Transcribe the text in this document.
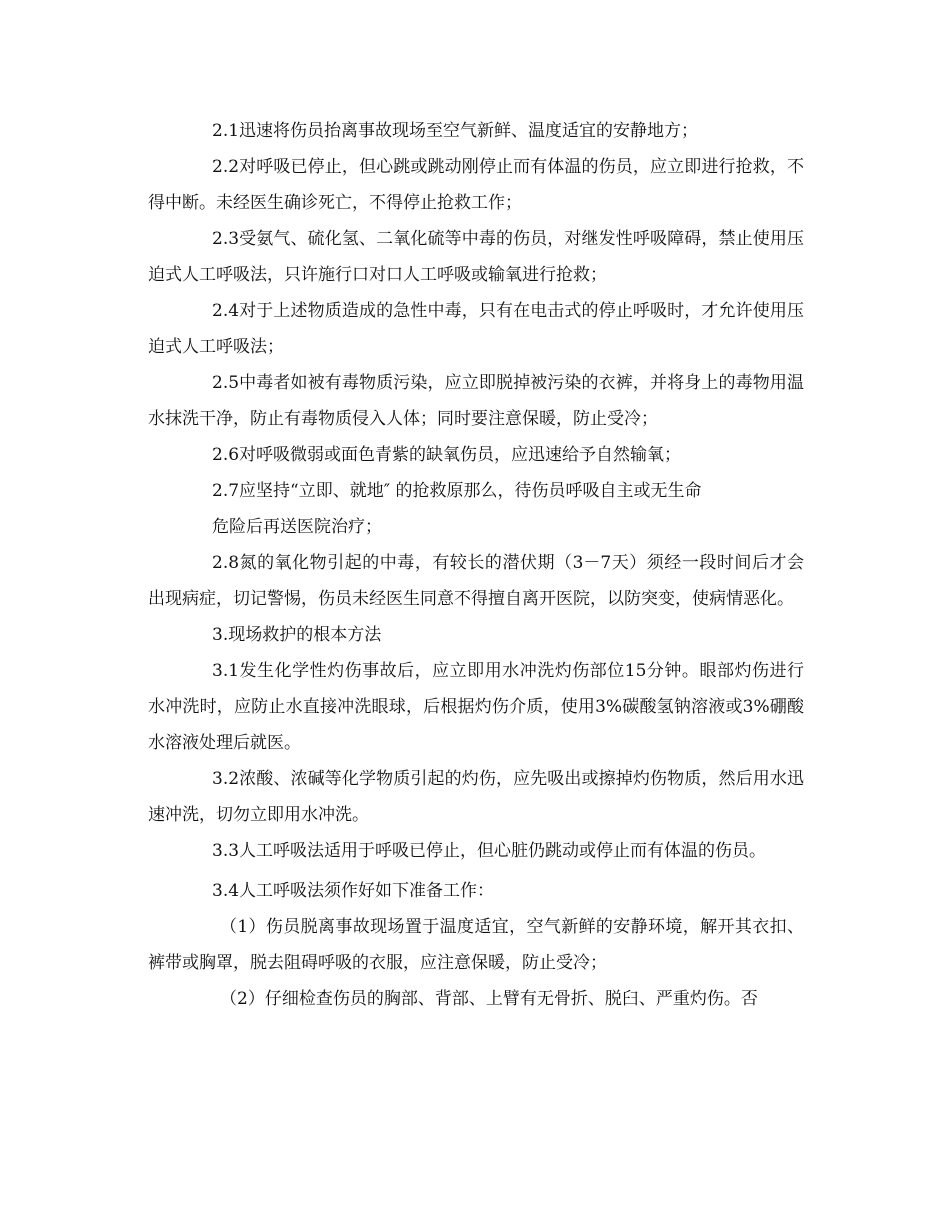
2.1迅速将伤员抬离事故现场至空气新鲜、温度适宜的安静地方；

2.2对呼吸已停止，但心跳或跳动刚停止而有体温的伤员，应立即进行抢救，不得中断。未经医生确诊死亡，不得停止抢救工作；

2.3受氨气、硫化氢、二氧化硫等中毒的伤员，对继发性呼吸障碍，禁止使用压迫式人工呼吸法，只许施行口对口人工呼吸或输氧进行抢救；

2.4对于上述物质造成的急性中毒，只有在电击式的停止呼吸时，才允许使用压迫式人工呼吸法；

2.5中毒者如被有毒物质污染，应立即脱掉被污染的衣裤，并将身上的毒物用温水抹洗干净，防止有毒物质侵入人体；同时要注意保暖，防止受冷；

2.6对呼吸微弱或面色青紫的缺氧伤员，应迅速给予自然输氧；

2.7应坚持“立即、就地″ 的抢救原那么，待伤员呼吸自主或无生命

危险后再送医院治疗；

2.8氮的氧化物引起的中毒，有较长的潜伏期（3－7天）须经一段时间后才会出现病症，切记警惕，伤员未经医生同意不得擅自离开医院，以防突变，使病情恶化。

3.现场救护的根本方法

3.1发生化学性灼伤事故后，应立即用水冲洗灼伤部位15分钟。眼部灼伤进行水冲洗时，应防止水直接冲洗眼球，后根据灼伤介质，使用3%碳酸氢钠溶液或3%硼酸水溶液处理后就医。

3.2浓酸、浓碱等化学物质引起的灼伤，应先吸出或擦掉灼伤物质，然后用水迅速冲洗，切勿立即用水冲洗。

3.3人工呼吸法适用于呼吸已停止，但心脏仍跳动或停止而有体温的伤员。

3.4人工呼吸法须作好如下准备工作：

（1）伤员脱离事故现场置于温度适宜，空气新鲜的安静环境，解开其衣扣、裤带或胸罩，脱去阻碍呼吸的衣服，应注意保暖，防止受冷；

（2）仔细检查伤员的胸部、背部、上臂有无骨折、脱臼、严重灼伤。否
